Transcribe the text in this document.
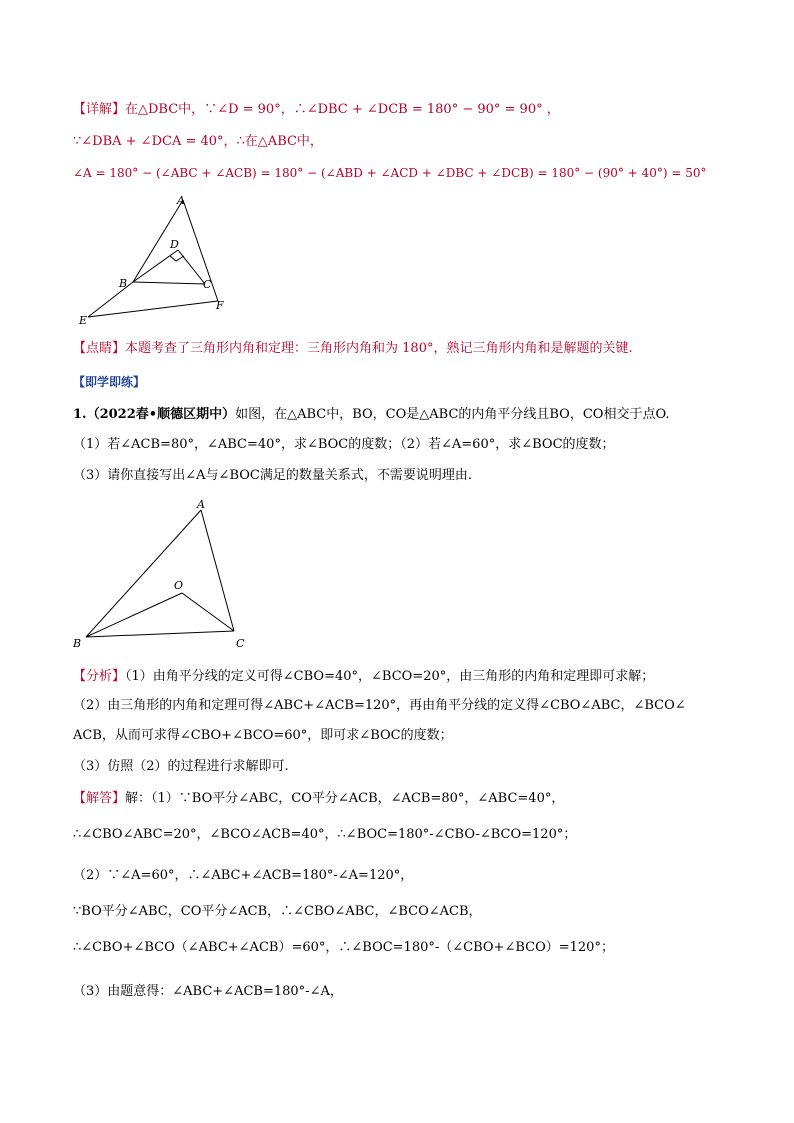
【详解】在△DBC中，∵∠D = 90°，∴∠DBC + ∠DCB = 180° − 90° = 90° ，
∵∠DBA + ∠DCA = 40°，∴在△ABC中，
∠A = 180° − (∠ABC + ∠ACB) = 180° − (∠ABD + ∠ACD + ∠DBC + ∠DCB) = 180° − (90° + 40°) = 50°
A
D
B	C
E
F
【点睛】本题考查了三角形内角和定理：三角形内角和为 180°，熟记三角形内角和是解题的关键.
【即学即练】
1.（2022春•顺德区期中）如图，在△ABC中，BO，CO是△ABC的内角平分线且BO，CO相交于点O.
（1）若∠ACB=80°，∠ABC=40°，求∠BOC的度数；（2）若∠A=60°，求∠BOC的度数；
（3）请你直接写出∠A与∠BOC满足的数量关系式，不需要说明理由.
A
O
B	C
【分析】（1）由角平分线的定义可得∠CBO=40°，∠BCO=20°，由三角形的内角和定理即可求解；
（2）由三角形的内角和定理可得∠ABC+∠ACB=120°，再由角平分线的定义得∠CBO∠ABC，∠BCO∠
ACB，从而可求得∠CBO+∠BCO=60°，即可求∠BOC的度数；
（3）仿照（2）的过程进行求解即可.
【解答】解：（1）∵BO平分∠ABC，CO平分∠ACB，∠ACB=80°，∠ABC=40°，
∴∠CBO∠ABC=20°，∠BCO∠ACB=40°，∴∠BOC=180°-∠CBO-∠BCO=120°；
（2）∵∠A=60°，∴∠ABC+∠ACB=180°-∠A=120°，
∵BO平分∠ABC，CO平分∠ACB，∴∠CBO∠ABC，∠BCO∠ACB，
∴∠CBO+∠BCO（∠ABC+∠ACB）=60°，∴∠BOC=180°-（∠CBO+∠BCO）=120°；
（3）由题意得：∠ABC+∠ACB=180°-∠A，
